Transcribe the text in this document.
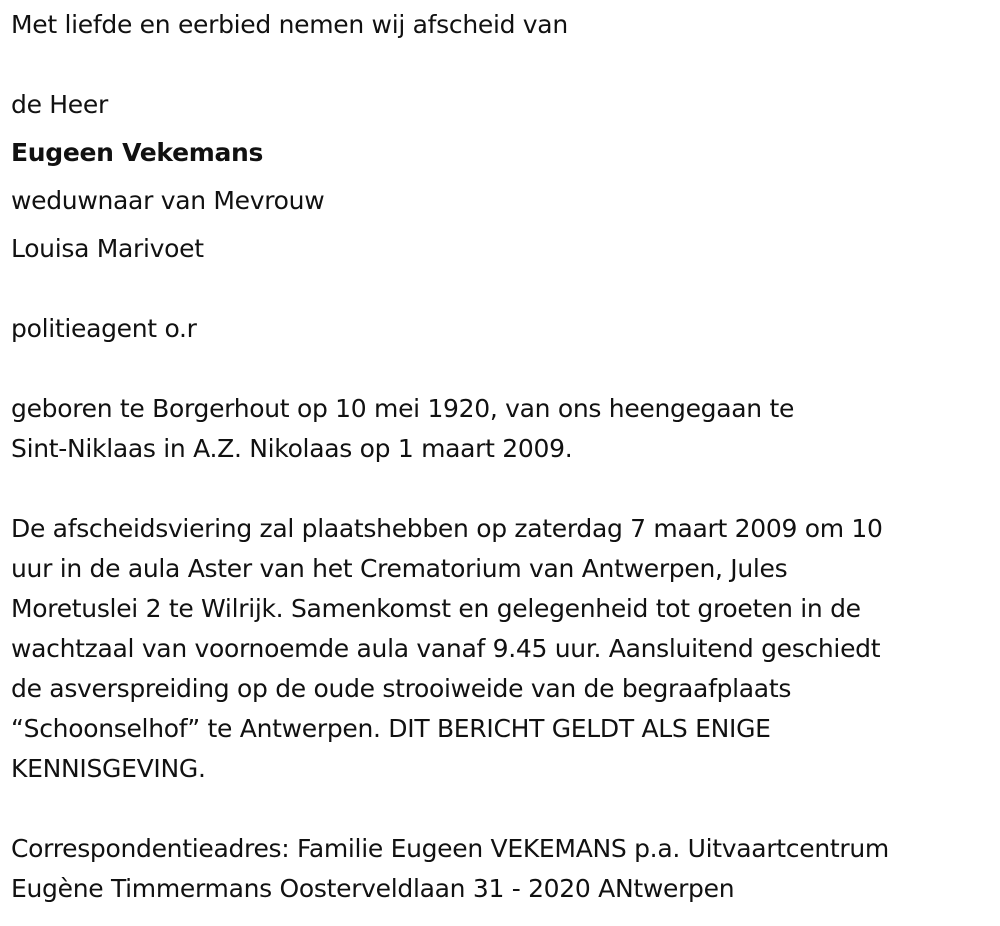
Met liefde en eerbied nemen wij afscheid van
de Heer
Eugeen Vekemans
weduwnaar van Mevrouw
Louisa Marivoet
politieagent o.r
geboren te Borgerhout op 10 mei 1920, van ons heengegaan te
Sint-Niklaas in A.Z. Nikolaas op 1 maart 2009.
De afscheidsviering zal plaatshebben op zaterdag 7 maart 2009 om 10
uur in de aula Aster van het Crematorium van Antwerpen, Jules
Moretuslei 2 te Wilrijk. Samenkomst en gelegenheid tot groeten in de
wachtzaal van voornoemde aula vanaf 9.45 uur. Aansluitend geschiedt
de asverspreiding op de oude strooiweide van de begraafplaats
“Schoonselhof” te Antwerpen. DIT BERICHT GELDT ALS ENIGE
KENNISGEVING.
Correspondentieadres: Familie Eugeen VEKEMANS p.a. Uitvaartcentrum
Eugène Timmermans Oosterveldlaan 31 - 2020 ANtwerpen
